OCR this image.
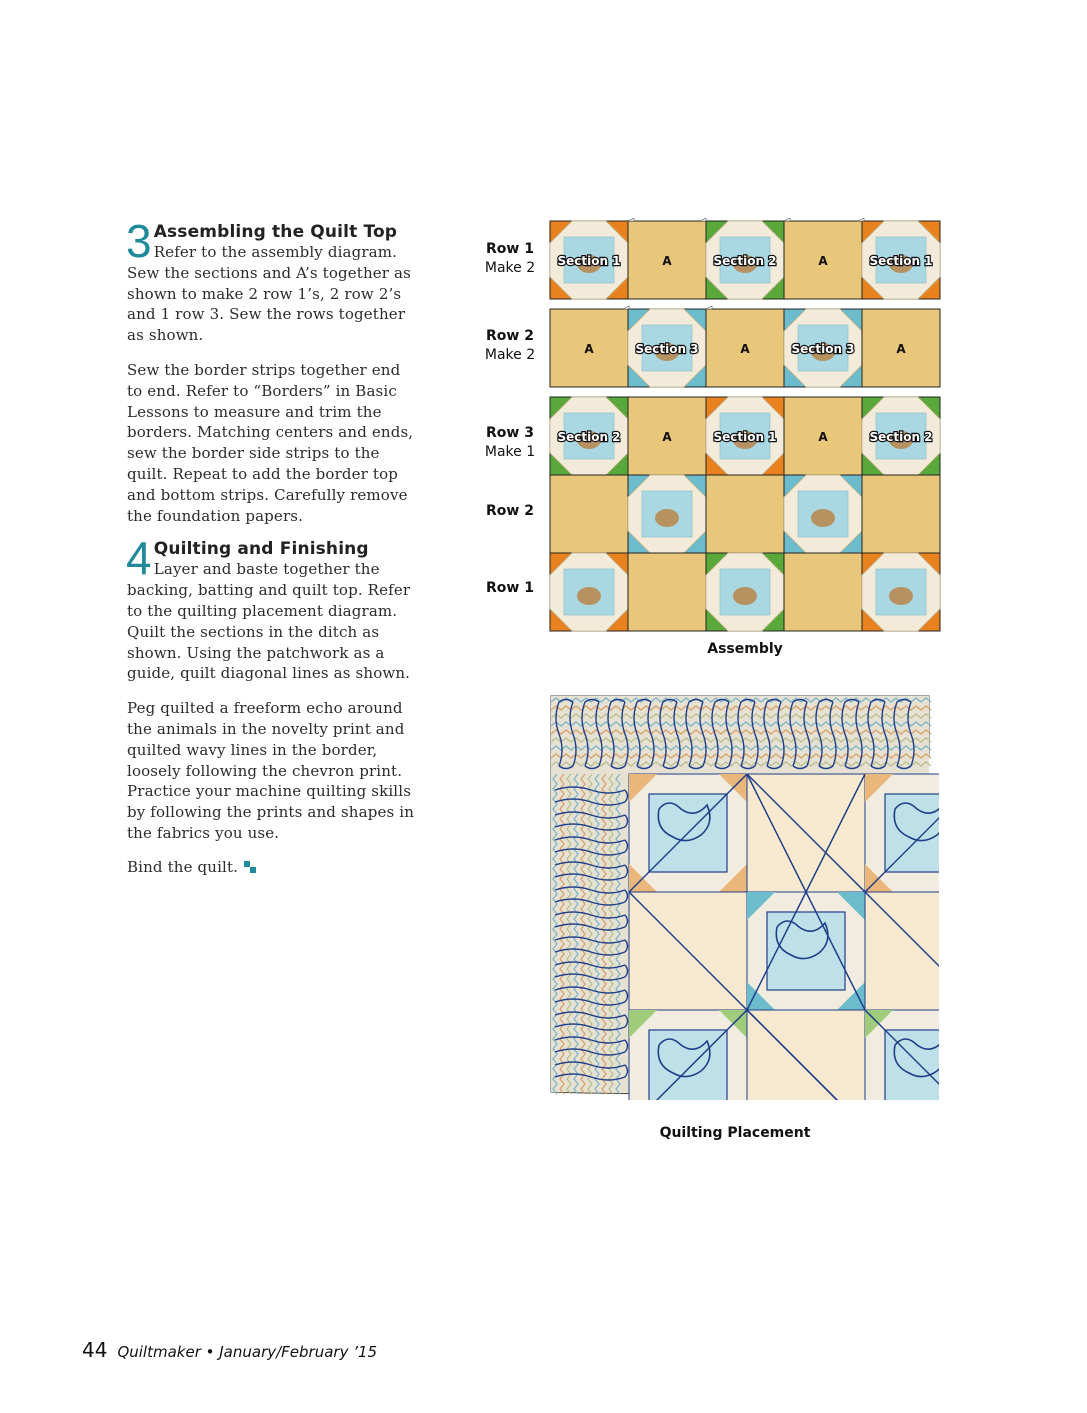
3 Assembling the Quilt Top

Refer to the assembly diagram. Sew the sections and A’s together as shown to make 2 row 1’s, 2 row 2’s and 1 row 3. Sew the rows together as shown.

Sew the border strips together end to end. Refer to “Borders” in Basic Lessons to measure and trim the borders. Matching centers and ends, sew the border side strips to the quilt. Repeat to add the border top and bottom strips. Carefully remove the foundation papers.

4 Quilting and Finishing

Layer and baste together the backing, batting and quilt top. Refer to the quilting placement diagram. Quilt the sections in the ditch as shown. Using the patchwork as a guide, quilt diagonal lines as shown.

Peg quilted a freeform echo around the animals in the novelty print and quilted wavy lines in the border, loosely following the chevron print. Practice your machine quilting skills by following the prints and shapes in the fabrics you use.

Bind the quilt.

Row 1
Make 2
Row 2
Make 2
Row 3
Make 1
Row 2
Row 1
Section 1	A	Section 2	A	Section 1
A	Section 3	A	Section 3	A
Section 2	A	Section 1	A	Section 2
Assembly
Quilting Placement
44 Quiltmaker • January/February ’15
